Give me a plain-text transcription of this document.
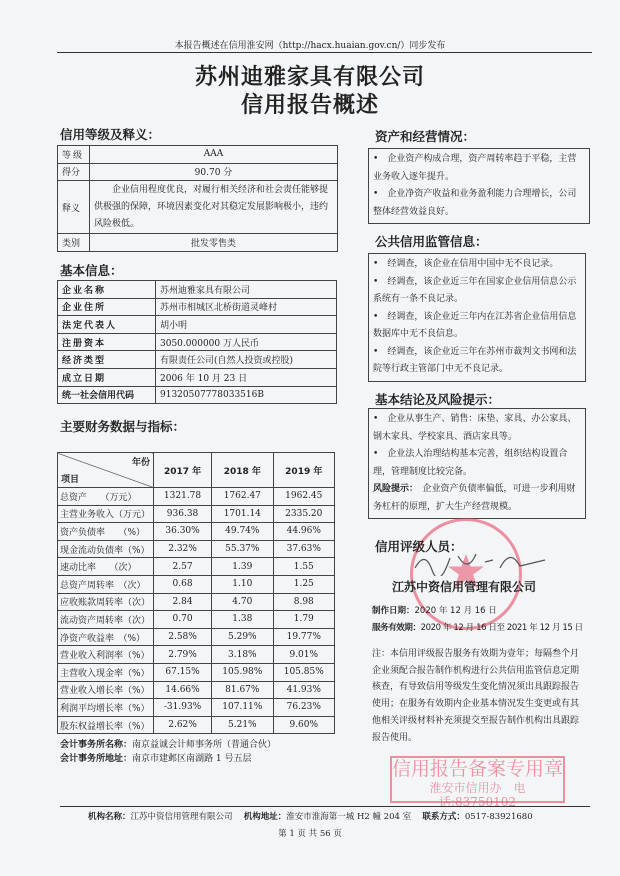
本报告概述在信用淮安网（http://hacx.huaian.gov.cn/）同步发布
苏州迪雅家具有限公司
信用报告概述
信用等级及释义：
等级	AAA
得分	90.70 分
释义	企业信用程度优良，对履行相关经济和社会责任能够提供极强的保障，环境因素变化对其稳定发展影响极小，违约风险极低。
类别	批发零售类
基本信息：
企业名称	苏州迪雅家具有限公司
企业住所	苏州市相城区北桥街道灵峰村
法定代表人	胡小明
注册资本	3050.000000 万人民币
经济类型	有限责任公司(自然人投资或控股)
成立日期	2006 年 10 月 23 日
统一社会信用代码	91320507778033516B
主要财务数据与指标：
年份
项目	2017 年	2018 年	2019 年
总资产　　（万元）	1321.78	1762.47	1962.45
主营业务收入（万元）	936.38	1701.14	2335.20
资产负债率　　（%）	36.30%	49.74%	44.96%
现金流动负债率（%）	2.32%	55.37%	37.63%
速动比率　　（次）	2.57	1.39	1.55
总资产周转率　（次）	0.68	1.10	1.25
应收账款周转率（次）	2.84	4.70	8.98
流动资产周转率（次）	0.70	1.38	1.79
净资产收益率　（%）	2.58%	5.29%	19.77%
营业收入利润率（%）	2.79%	3.18%	9.01%
主营收入现金率（%）	67.15%	105.98%	105.85%
营业收入增长率（%）	14.66%	81.67%	41.93%
利润平均增长率（%）	-31.93%	107.11%	76.23%
股东权益增长率（%）	2.62%	5.21%	9.60%
会计事务所名称：南京益诚会计师事务所（普通合伙）
会计事务所地址：南京市建邺区南湖路 1 号五层
资产和经营情况：
•　企业资产构成合理，资产周转率趋于平稳，主营业务收入逐年提升。
•　企业净资产收益和业务盈利能力合理增长，公司整体经营效益良好。
公共信用监管信息：
•　经调查，该企业在信用中国中无不良记录。
•　经调查，该企业近三年在国家企业信用信息公示系统有一条不良记录。
•　经调查，该企业近三年内在江苏省企业信用信息数据库中无不良信息。
•　经调查，该企业近三年在苏州市裁判文书网和法院等行政主管部门中无不良记录。
基本结论及风险提示：
•　企业从事生产、销售：床垫、家具、办公家具、钢木家具、学校家具、酒店家具等。
•　企业法人治理结构基本完善，组织结构设置合理，管理制度比较完备。
风险提示：　 企业资产负债率偏低，可进一步利用财务杠杆的原理，扩大生产经营规模。
信用评级人员：
江苏中资信用管理有限公司
制作日期：2020 年 12 月 16 日
服务有效期：2020 年 12 月 16 日至 2021 年 12 月 15 日
注：本信用评级报告服务有效期为壹年；每隔叁个月企业须配合报告制作机构进行公共信用监管信息定期核查，有导致信用等级发生变化情况须出具跟踪报告使用；在服务有效期内企业基本情况发生变更或有其他相关评级材料补充须提交至报告制作机构出具跟踪报告使用。
信用报告备案专用章
淮安市信用办　电话:83750102
机构名称：江苏中资信用管理有限公司　 机构地址：淮安市淮海第一城 H2 幢 204 室　 联系方式：0517-83921680
第 1 页 共 56 页
